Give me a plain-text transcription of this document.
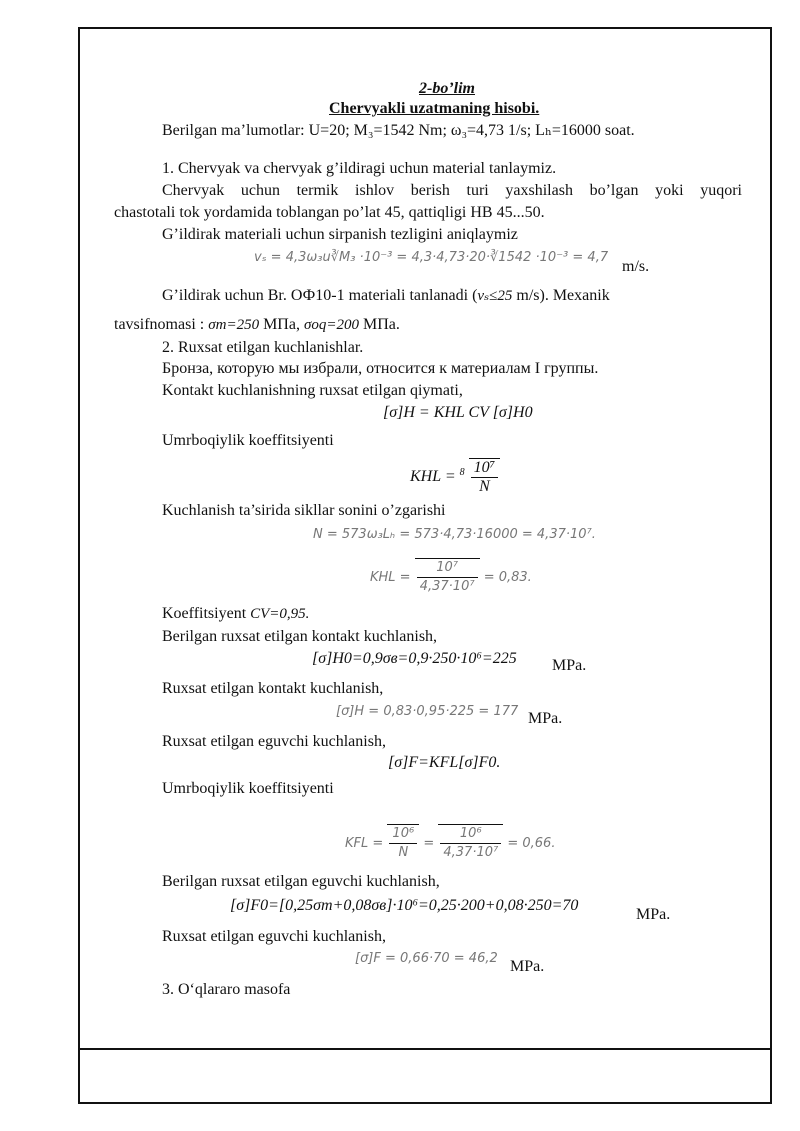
2-bo’lim
Chervyakli uzatmaning hisobi.
Berilgan ma’lumotlar: U=20; M₃=1542 Nm; ω₃=4,73 1/s; Lₕ=16000 soat.
1. Chervyak va chervyak g’ildiragi uchun material tanlaymiz.
Chervyak uchun termik ishlov berish turi yaxshilash bo’lgan yoki yuqori
chastotali tok yordamida toblangan po’lat 45, qattiqligi HB 45...50.
G’ildirak materiali uchun sirpanish tezligini aniqlaymiz
vₛ = 4,3ω₃u∛M₃ ·10⁻³ = 4,3·4,73·20·∛1542 ·10⁻³ = 4,7
m/s.
G’ildirak uchun Br. ОФ10-1 materiali tanlanadi (vₛ≤25 m/s). Mexanik
tavsifnomasi : σm=250 МПа, σoq=200 МПа.
2. Ruxsat etilgan kuchlanishlar.
Бронза, которую мы избрали, относится к материалам I группы.
Kontakt kuchlanishning ruxsat etilgan qiymati,
[σ]H = KHL CV [σ]H0
Umrboqiylik koeffitsiyenti
KHL = $^8 \frac{\text{10⁷}}{N}$
Kuchlanish ta’sirida sikllar sonini o’zgarishi
N = 573ω₃Lₕ = 573·4,73·16000 = 4,37·10⁷.
KHL = $\frac{\text{10⁷}}{\text{4,37·10⁷}} = 0,83$.
Koeffitsiyent CV=0,95.
Berilgan ruxsat etilgan kontakt kuchlanish,
[σ]H0=0,9σв=0,9·250·10⁶=225 MPa.
Ruxsat etilgan kontakt kuchlanish,
[σ]H = 0,83·0,95·225 = 177 MPa.
Ruxsat etilgan eguvchi kuchlanish,
[σ]F=KFL[σ]F0.
Umrboqiylik koeffitsiyenti
KFL = $\frac{\text{10⁶}}{N} = \frac{\text{10⁶}}{\text{4,37·10⁷}} = 0,66$.
Berilgan ruxsat etilgan eguvchi kuchlanish,
[σ]F0=[0,25σm+0,08σв]·10⁶=0,25·200+0,08·250=70
MPa.
Ruxsat etilgan eguvchi kuchlanish,
[σ]F = 0,66·70 = 46,2 MPa.
3. O‘qlararo masofa
